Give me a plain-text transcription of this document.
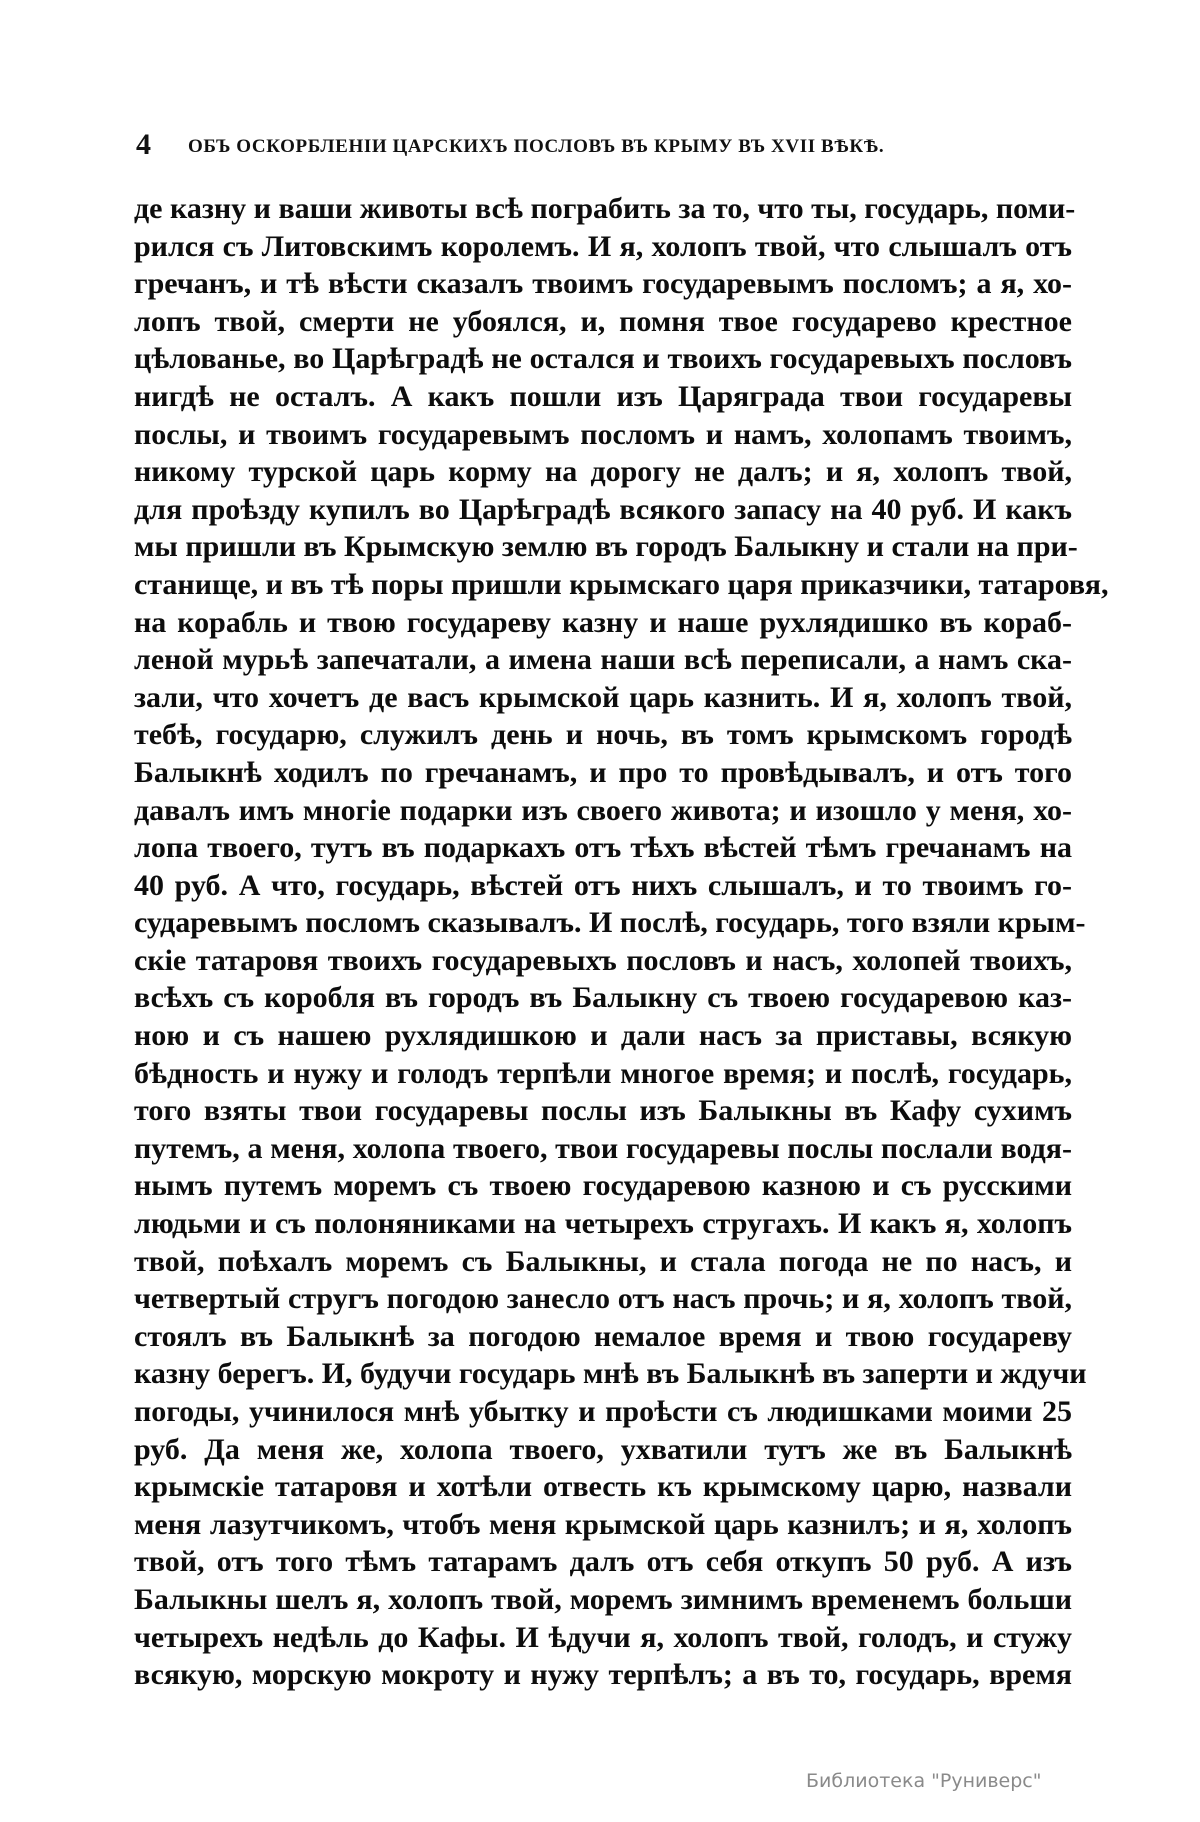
4 ОБЪ ОСКОРБЛЕНІИ ЦАРСКИХЪ ПОСЛОВЪ ВЪ КРЫМУ ВЪ XVII ВѢКѢ.
де казну и ваши животы всѣ пограбить за то, что ты, государь, поми-
рился съ Литовскимъ королемъ. И я, холопъ твой, что слышалъ отъ
гречанъ, и тѣ вѣсти сказалъ твоимъ государевымъ посломъ; а я, хо-
лопъ твой, смерти не убоялся, и, помня твое государево крестное
цѣлованье, во Царѣградѣ не остался и твоихъ государевыхъ пословъ
нигдѣ не осталъ. А какъ пошли изъ Царяграда твои государевы
послы, и твоимъ государевымъ посломъ и намъ, холопамъ твоимъ,
никому турской царь корму на дорогу не далъ; и я, холопъ твой,
для проѣзду купилъ во Царѣградѣ всякого запасу на 40 руб. И какъ
мы пришли въ Крымскую землю въ городъ Балыкну и стали на при-
станище, и въ тѣ поры пришли крымскаго царя приказчики, татаровя,
на корабль и твою государеву казну и наше рухлядишко въ кораб-
леной мурьѣ запечатали, а имена наши всѣ переписали, а намъ ска-
зали, что хочетъ де васъ крымской царь казнить. И я, холопъ твой,
тебѣ, государю, служилъ день и ночь, въ томъ крымскомъ городѣ
Балыкнѣ ходилъ по гречанамъ, и про то провѣдывалъ, и отъ того
давалъ имъ многіе подарки изъ своего живота; и изошло у меня, хо-
лопа твоего, тутъ въ подаркахъ отъ тѣхъ вѣстей тѣмъ гречанамъ на
40 руб. А что, государь, вѣстей отъ нихъ слышалъ, и то твоимъ го-
сударевымъ посломъ сказывалъ. И послѣ, государь, того взяли крым-
скіе татаровя твоихъ государевыхъ пословъ и насъ, холопей твоихъ,
всѣхъ съ коробля въ городъ въ Балыкну съ твоею государевою каз-
ною и съ нашею рухлядишкою и дали насъ за приставы, всякую
бѣдность и нужу и голодъ терпѣли многое время; и послѣ, государь,
того взяты твои государевы послы изъ Балыкны въ Кафу сухимъ
путемъ, а меня, холопа твоего, твои государевы послы послали водя-
нымъ путемъ моремъ съ твоею государевою казною и съ русскими
людьми и съ полоняниками на четырехъ стругахъ. И какъ я, холопъ
твой, поѣхалъ моремъ съ Балыкны, и стала погода не по насъ, и
четвертый стругъ погодою занесло отъ насъ прочь; и я, холопъ твой,
стоялъ въ Балыкнѣ за погодою немалое время и твою государеву
казну берегъ. И, будучи государь мнѣ въ Балыкнѣ въ заперти и ждучи
погоды, учинилося мнѣ убытку и проѣсти съ людишками моими 25
руб. Да меня же, холопа твоего, ухватили тутъ же въ Балыкнѣ
крымскіе татаровя и хотѣли отвесть къ крымскому царю, назвали
меня лазутчикомъ, чтобъ меня крымской царь казнилъ; и я, холопъ
твой, отъ того тѣмъ татарамъ далъ отъ себя откупъ 50 руб. А изъ
Балыкны шелъ я, холопъ твой, моремъ зимнимъ временемъ больши
четырехъ недѣль до Кафы. И ѣдучи я, холопъ твой, голодъ, и стужу
всякую, морскую мокроту и нужу терпѣлъ; а въ то, государь, время
Библиотека "Руниверс"
